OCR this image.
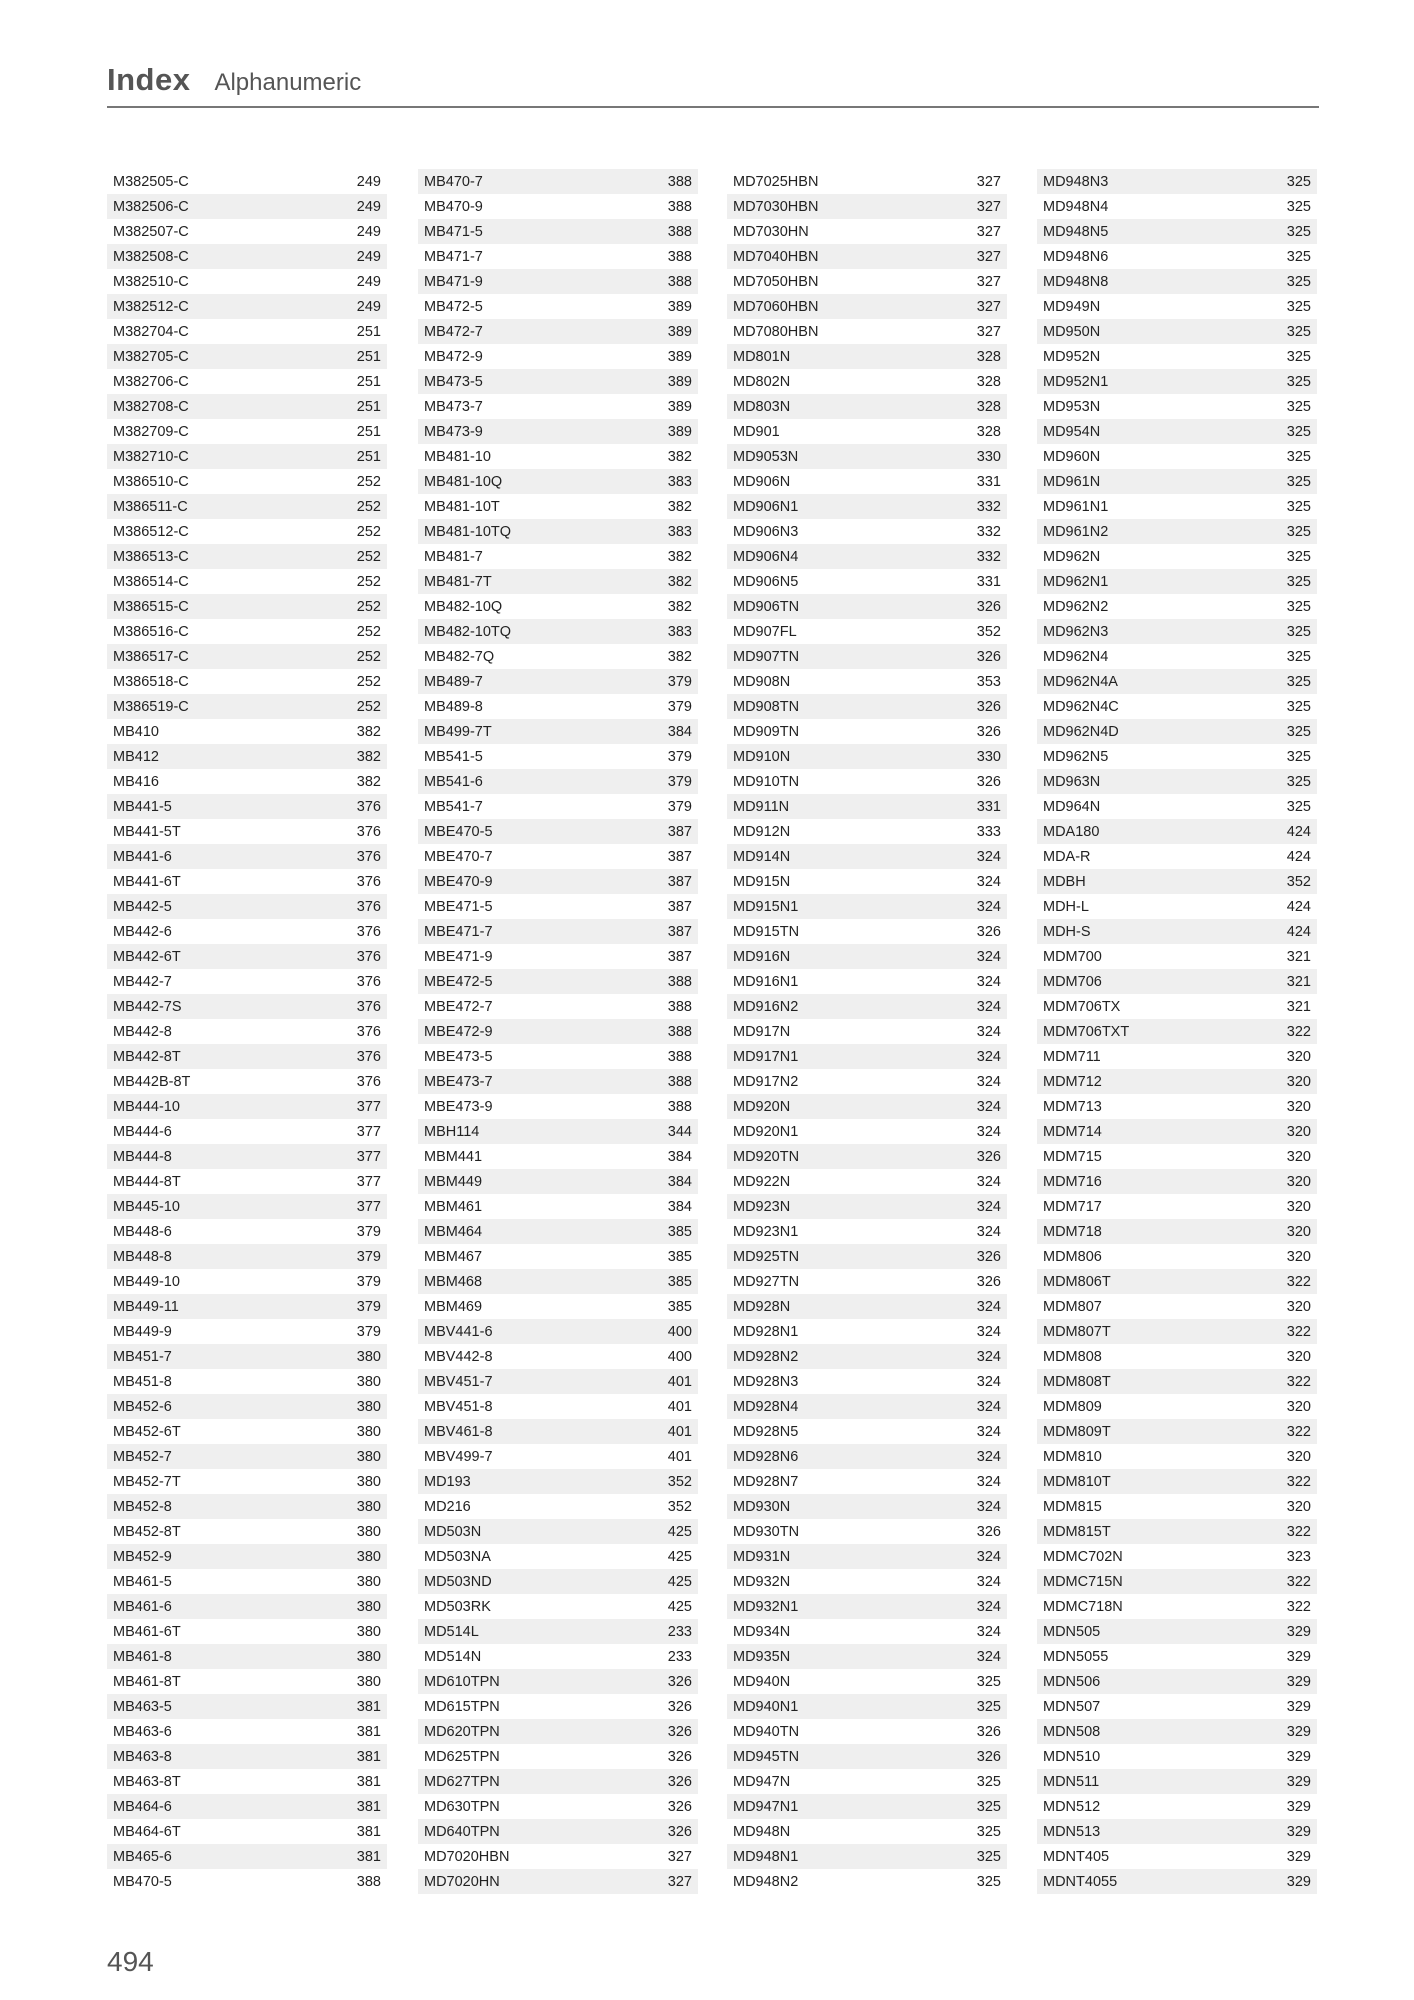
Index Alphanumeric
M382505-C	249
M382506-C	249
M382507-C	249
M382508-C	249
M382510-C	249
M382512-C	249
M382704-C	251
M382705-C	251
M382706-C	251
M382708-C	251
M382709-C	251
M382710-C	251
M386510-C	252
M386511-C	252
M386512-C	252
M386513-C	252
M386514-C	252
M386515-C	252
M386516-C	252
M386517-C	252
M386518-C	252
M386519-C	252
MB410	382
MB412	382
MB416	382
MB441-5	376
MB441-5T	376
MB441-6	376
MB441-6T	376
MB442-5	376
MB442-6	376
MB442-6T	376
MB442-7	376
MB442-7S	376
MB442-8	376
MB442-8T	376
MB442B-8T	376
MB444-10	377
MB444-6	377
MB444-8	377
MB444-8T	377
MB445-10	377
MB448-6	379
MB448-8	379
MB449-10	379
MB449-11	379
MB449-9	379
MB451-7	380
MB451-8	380
MB452-6	380
MB452-6T	380
MB452-7	380
MB452-7T	380
MB452-8	380
MB452-8T	380
MB452-9	380
MB461-5	380
MB461-6	380
MB461-6T	380
MB461-8	380
MB461-8T	380
MB463-5	381
MB463-6	381
MB463-8	381
MB463-8T	381
MB464-6	381
MB464-6T	381
MB465-6	381
MB470-5	388
MB470-7	388
MB470-9	388
MB471-5	388
MB471-7	388
MB471-9	388
MB472-5	389
MB472-7	389
MB472-9	389
MB473-5	389
MB473-7	389
MB473-9	389
MB481-10	382
MB481-10Q	383
MB481-10T	382
MB481-10TQ	383
MB481-7	382
MB481-7T	382
MB482-10Q	382
MB482-10TQ	383
MB482-7Q	382
MB489-7	379
MB489-8	379
MB499-7T	384
MB541-5	379
MB541-6	379
MB541-7	379
MBE470-5	387
MBE470-7	387
MBE470-9	387
MBE471-5	387
MBE471-7	387
MBE471-9	387
MBE472-5	388
MBE472-7	388
MBE472-9	388
MBE473-5	388
MBE473-7	388
MBE473-9	388
MBH114	344
MBM441	384
MBM449	384
MBM461	384
MBM464	385
MBM467	385
MBM468	385
MBM469	385
MBV441-6	400
MBV442-8	400
MBV451-7	401
MBV451-8	401
MBV461-8	401
MBV499-7	401
MD193	352
MD216	352
MD503N	425
MD503NA	425
MD503ND	425
MD503RK	425
MD514L	233
MD514N	233
MD610TPN	326
MD615TPN	326
MD620TPN	326
MD625TPN	326
MD627TPN	326
MD630TPN	326
MD640TPN	326
MD7020HBN	327
MD7020HN	327
MD7025HBN	327
MD7030HBN	327
MD7030HN	327
MD7040HBN	327
MD7050HBN	327
MD7060HBN	327
MD7080HBN	327
MD801N	328
MD802N	328
MD803N	328
MD901	328
MD9053N	330
MD906N	331
MD906N1	332
MD906N3	332
MD906N4	332
MD906N5	331
MD906TN	326
MD907FL	352
MD907TN	326
MD908N	353
MD908TN	326
MD909TN	326
MD910N	330
MD910TN	326
MD911N	331
MD912N	333
MD914N	324
MD915N	324
MD915N1	324
MD915TN	326
MD916N	324
MD916N1	324
MD916N2	324
MD917N	324
MD917N1	324
MD917N2	324
MD920N	324
MD920N1	324
MD920TN	326
MD922N	324
MD923N	324
MD923N1	324
MD925TN	326
MD927TN	326
MD928N	324
MD928N1	324
MD928N2	324
MD928N3	324
MD928N4	324
MD928N5	324
MD928N6	324
MD928N7	324
MD930N	324
MD930TN	326
MD931N	324
MD932N	324
MD932N1	324
MD934N	324
MD935N	324
MD940N	325
MD940N1	325
MD940TN	326
MD945TN	326
MD947N	325
MD947N1	325
MD948N	325
MD948N1	325
MD948N2	325
MD948N3	325
MD948N4	325
MD948N5	325
MD948N6	325
MD948N8	325
MD949N	325
MD950N	325
MD952N	325
MD952N1	325
MD953N	325
MD954N	325
MD960N	325
MD961N	325
MD961N1	325
MD961N2	325
MD962N	325
MD962N1	325
MD962N2	325
MD962N3	325
MD962N4	325
MD962N4A	325
MD962N4C	325
MD962N4D	325
MD962N5	325
MD963N	325
MD964N	325
MDA180	424
MDA-R	424
MDBH	352
MDH-L	424
MDH-S	424
MDM700	321
MDM706	321
MDM706TX	321
MDM706TXT	322
MDM711	320
MDM712	320
MDM713	320
MDM714	320
MDM715	320
MDM716	320
MDM717	320
MDM718	320
MDM806	320
MDM806T	322
MDM807	320
MDM807T	322
MDM808	320
MDM808T	322
MDM809	320
MDM809T	322
MDM810	320
MDM810T	322
MDM815	320
MDM815T	322
MDMC702N	323
MDMC715N	322
MDMC718N	322
MDN505	329
MDN5055	329
MDN506	329
MDN507	329
MDN508	329
MDN510	329
MDN511	329
MDN512	329
MDN513	329
MDNT405	329
MDNT4055	329
494
